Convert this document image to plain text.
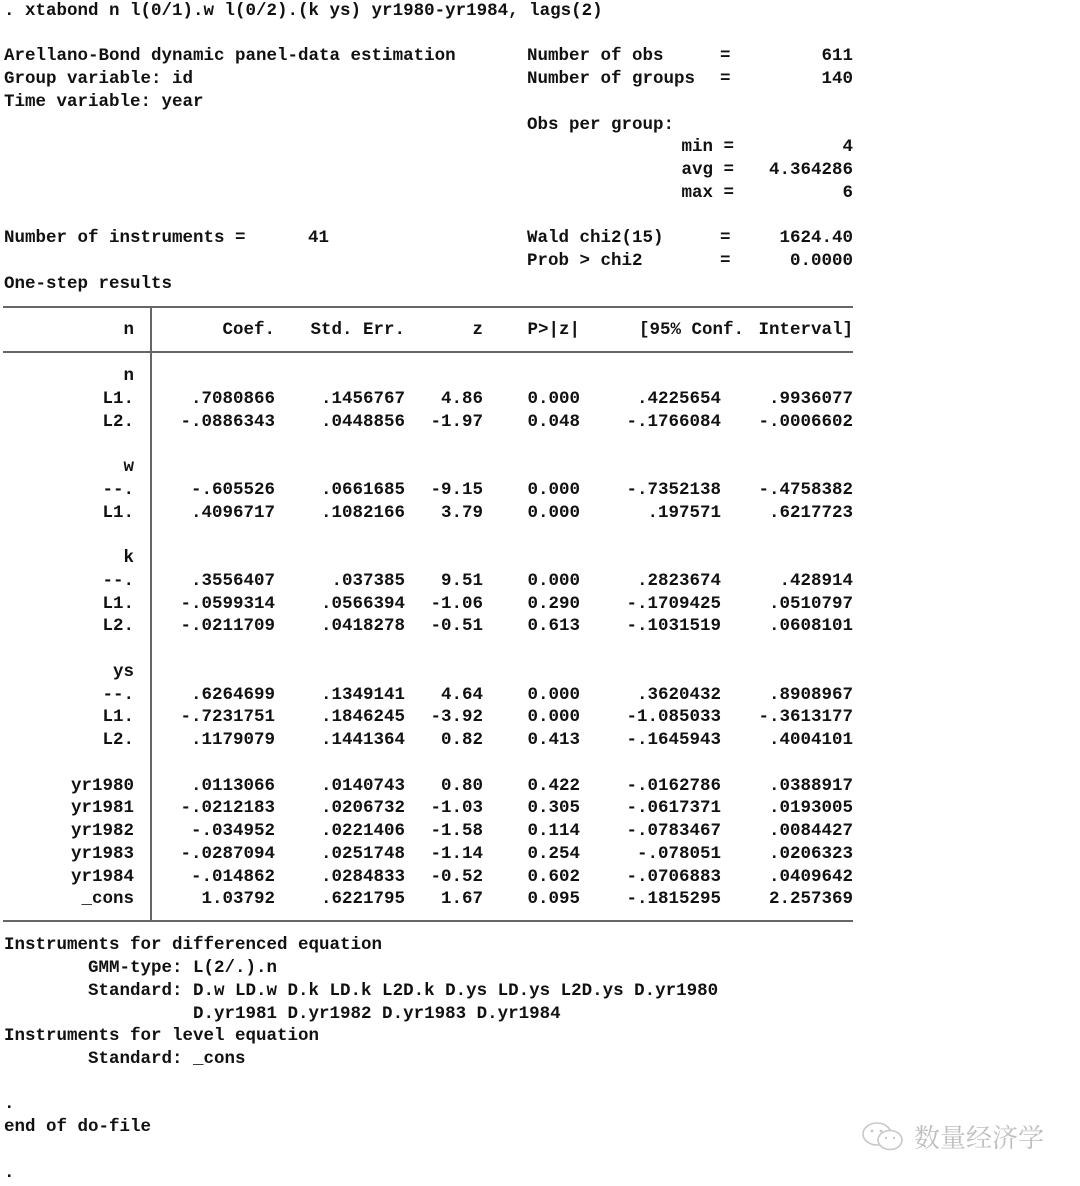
. xtabond n l(0/1).w l(0/2).(k ys) yr1980-yr1984, lags(2)
Arellano-Bond dynamic panel-data estimation
Group variable: id
Time variable: year
Number of obs	=	611
Number of groups =	140
Obs per group:
min =	4
avg =	4.364286
max =	6
Number of instruments =	41	Wald chi2(15)	=	1624.40
Prob > chi2	=	0.0000
One-step results
n	Coef.	Std. Err.	z	P>|z|	[95% Conf. Interval]
n
L1.	.7080866	.1456767	4.86	0.000	.4225654	.9936077
L2.	-.0886343	.0448856	-1.97	0.048	-.1766084	-.0006602
w
--.	-.605526	.0661685	-9.15	0.000	-.7352138	-.4758382
L1.	.4096717	.1082166	3.79	0.000	.197571	.6217723
k
--.	.3556407	.037385	9.51	0.000	.2823674	.428914
L1.	-.0599314	.0566394	-1.06	0.290	-.1709425	.0510797
L2.	-.0211709	.0418278	-0.51	0.613	-.1031519	.0608101
ys
--.	.6264699	.1349141	4.64	0.000	.3620432	.8908967
L1.	-.7231751	.1846245	-3.92	0.000	-1.085033	-.3613177
L2.	.1179079	.1441364	0.82	0.413	-.1645943	.4004101
yr1980	.0113066	.0140743	0.80	0.422	-.0162786	.0388917
yr1981	-.0212183	.0206732	-1.03	0.305	-.0617371	.0193005
yr1982	-.034952	.0221406	-1.58	0.114	-.0783467	.0084427
yr1983	-.0287094	.0251748	-1.14	0.254	-.078051	.0206323
yr1984	-.014862	.0284833	-0.52	0.602	-.0706883	.0409642
_cons	1.03792	.6221795	1.67	0.095	-.1815295	2.257369
Instruments for differenced equation
GMM-type: L(2/.).n
Standard: D.w LD.w D.k LD.k L2D.k D.ys LD.ys L2D.ys D.yr1980
D.yr1981 D.yr1982 D.yr1983 D.yr1984
Instruments for level equation
Standard: _cons
.
end of do-file
.
数量经济学
